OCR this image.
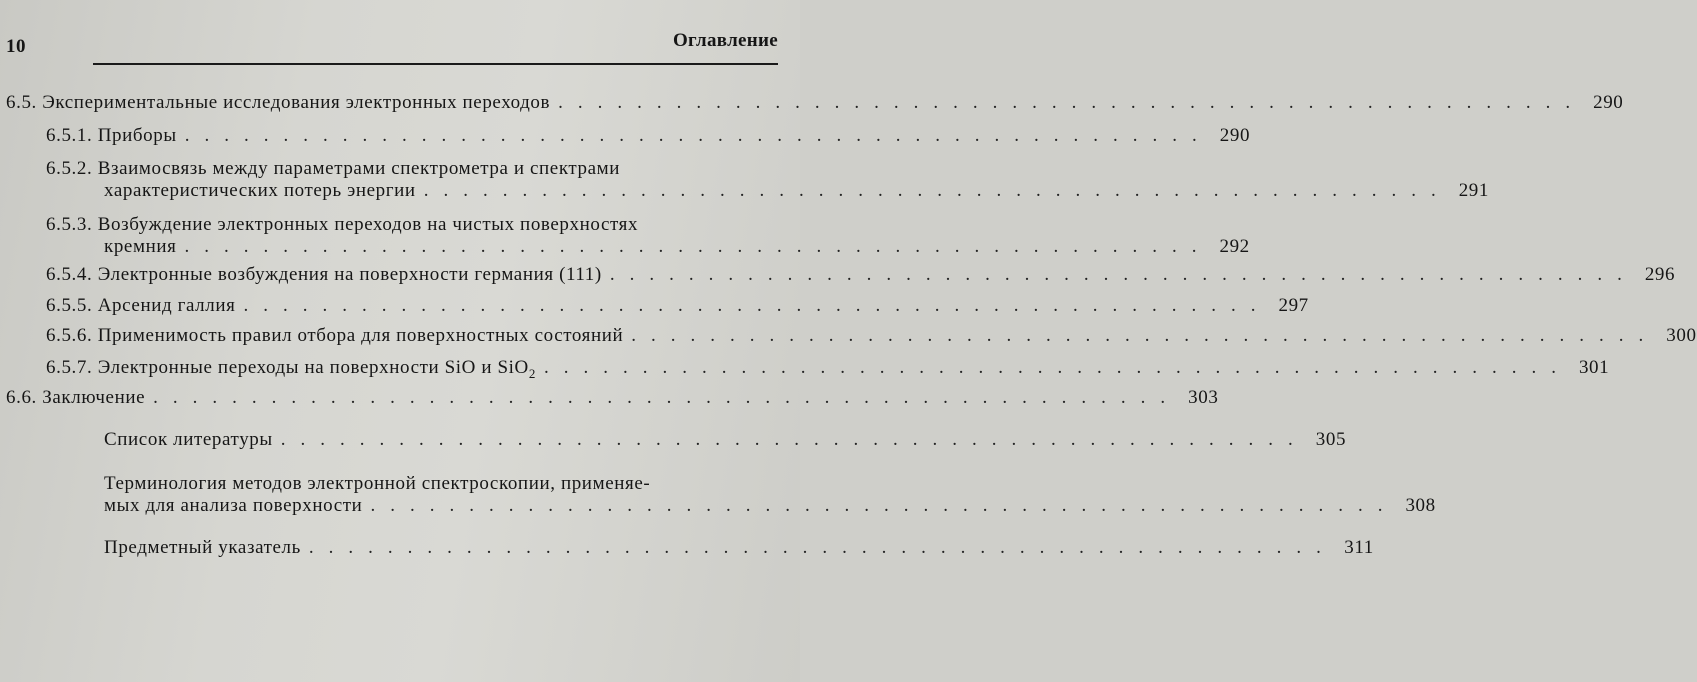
10	Оглавление
6.5. Экспериментальные исследования электронных переходов .................................................... 290
6.5.1. Приборы .................................................... 290
6.5.2. Взаимосвязь между параметрами спектрометра и спектрами
характеристических потерь энергии .................................................... 291
6.5.3. Возбуждение электронных переходов на чистых поверхностях
кремния .................................................... 292
6.5.4. Электронные возбуждения на поверхности германия (111) .................................................... 296
6.5.5. Арсенид галлия .................................................... 297
6.5.6. Применимость правил отбора для поверхностных состояний .................................................... 300
6.5.7. Электронные переходы на поверхности SiO и SiO$_2$ .................................................... 301
6.6. Заключение .................................................... 303
Список литературы .................................................... 305
Терминология методов электронной спектроскопии, применяе-
мых для анализа поверхности .................................................... 308
Предметный указатель .................................................... 311
